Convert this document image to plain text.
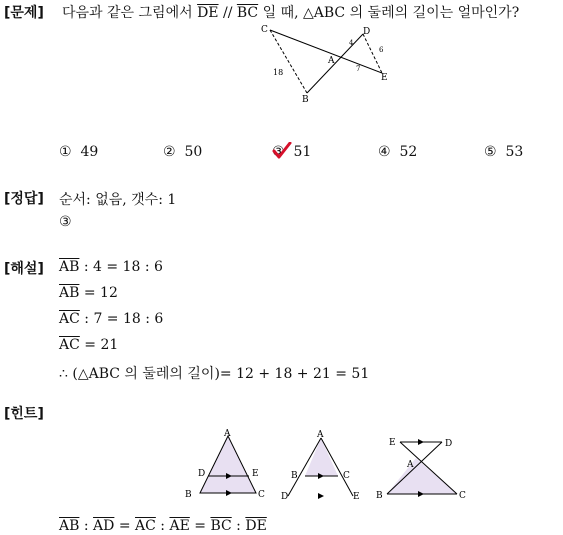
[문제] 다음과 같은 그림에서 $\overline{DE} // \overline{BC}$ 일 때, △ABC 의 둘레의 길이는 얼마인가?
C	D
A
E
B
18
4
6
7
① 49	② 50	③ 51	④ 52	⑤ 53
[정답] 순서: 없음, 갯수: 1
③
[해설] $\overline{AB}$ : 4 = 18 : 6
$\overline{AB} = 12$
$\overline{AC}$ : 7 = 18 : 6
$\overline{AC} = 21$
∴ (△ABC 의 둘레의 길이)= 12 + 18 + 21 = 51
[힌트]
A
D	E
B	C
A
B	C
D	E
E	D
A
B	C
$\overline{AB}$ : $\overline{AD} = \overline{AC}$ : $\overline{AE} = \overline{BC}$ : $\overline{DE}$
